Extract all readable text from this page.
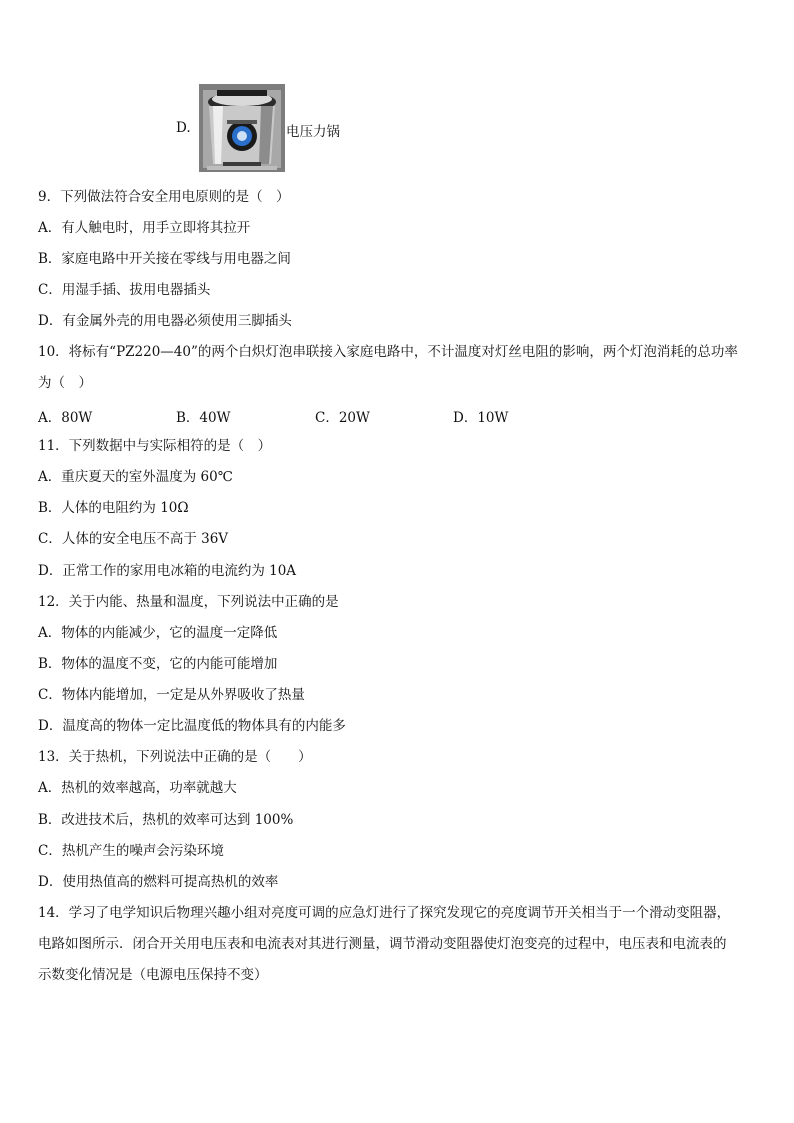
D.	电压力锅
9．下列做法符合安全用电原则的是（　）
A．有人触电时，用手立即将其拉开
B．家庭电路中开关接在零线与用电器之间
C．用湿手插、拔用电器插头
D．有金属外壳的用电器必须使用三脚插头
10．将标有“PZ220—40”的两个白炽灯泡串联接入家庭电路中，不计温度对灯丝电阻的影响，两个灯泡消耗的总功率
为（　）
A．80W	B．40W	C．20W	D．10W
11．下列数据中与实际相符的是（　）
A．重庆夏天的室外温度为 60℃
B．人体的电阻约为 10Ω
C．人体的安全电压不高于 36V
D．正常工作的家用电冰箱的电流约为 10A
12．关于内能、热量和温度，下列说法中正确的是
A．物体的内能减少，它的温度一定降低
B．物体的温度不变，它的内能可能增加
C．物体内能增加，一定是从外界吸收了热量
D．温度高的物体一定比温度低的物体具有的内能多
13．关于热机，下列说法中正确的是（　　）
A．热机的效率越高，功率就越大
B．改进技术后，热机的效率可达到 100%
C．热机产生的噪声会污染环境
D．使用热值高的燃料可提高热机的效率
14．学习了电学知识后物理兴趣小组对亮度可调的应急灯进行了探究发现它的亮度调节开关相当于一个滑动变阻器，
电路如图所示．闭合开关用电压表和电流表对其进行测量，调节滑动变阻器使灯泡变亮的过程中，电压表和电流表的
示数变化情况是（电源电压保持不变）
